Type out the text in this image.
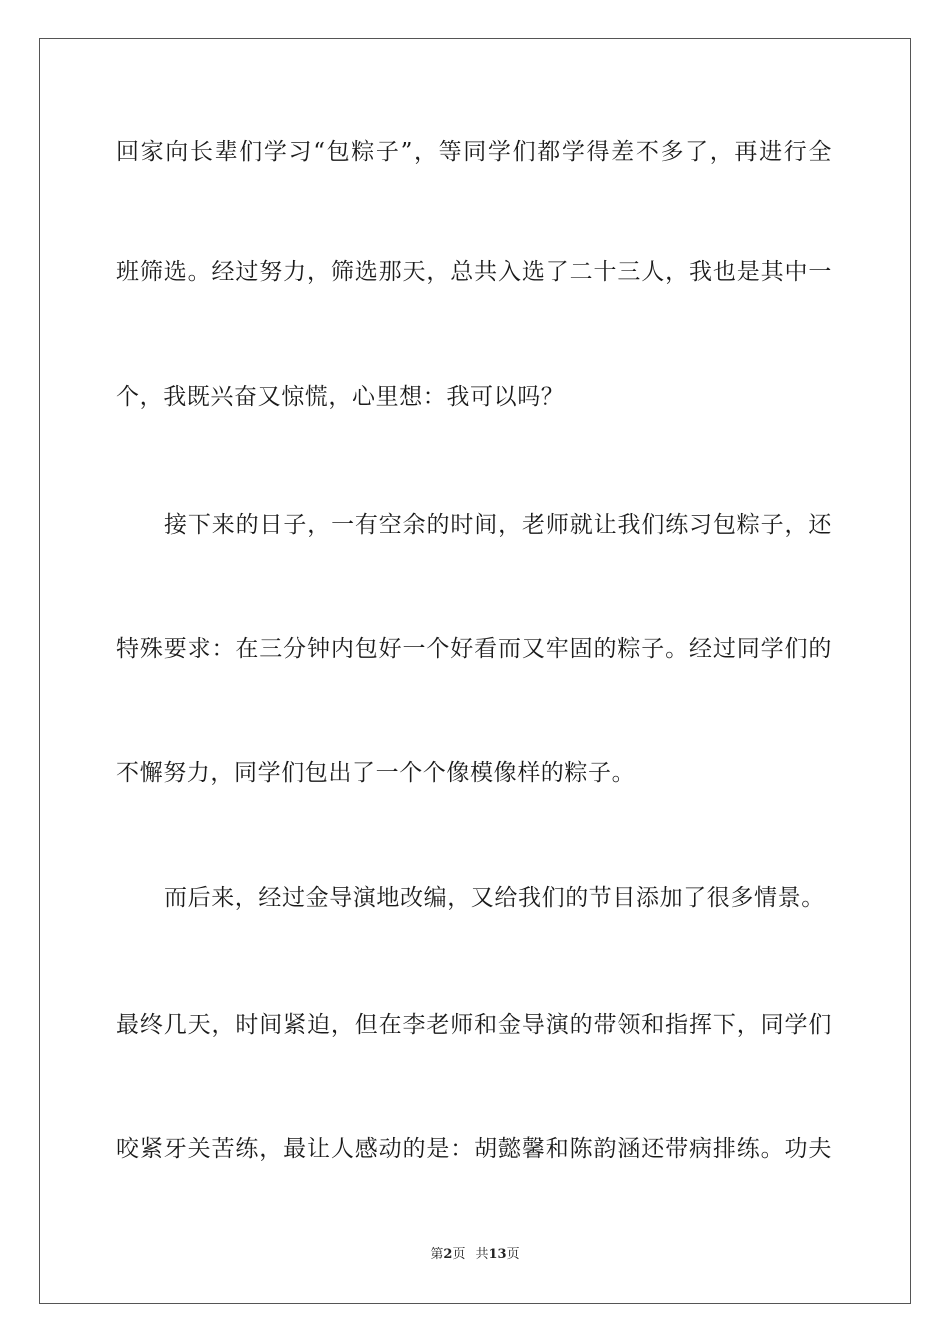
回家向长辈们学习“包粽子”，等同学们都学得差不多了，再进行全
班筛选。经过努力，筛选那天，总共入选了二十三人，我也是其中一
个，我既兴奋又惊慌，心里想：我可以吗？
接下来的日子，一有空余的时间，老师就让我们练习包粽子，还
特殊要求：在三分钟内包好一个好看而又牢固的粽子。经过同学们的
不懈努力，同学们包出了一个个像模像样的粽子。
而后来，经过金导演地改编，又给我们的节目添加了很多情景。
最终几天，时间紧迫，但在李老师和金导演的带领和指挥下，同学们
咬紧牙关苦练，最让人感动的是：胡懿馨和陈韵涵还带病排练。功夫
第2页 共13页
